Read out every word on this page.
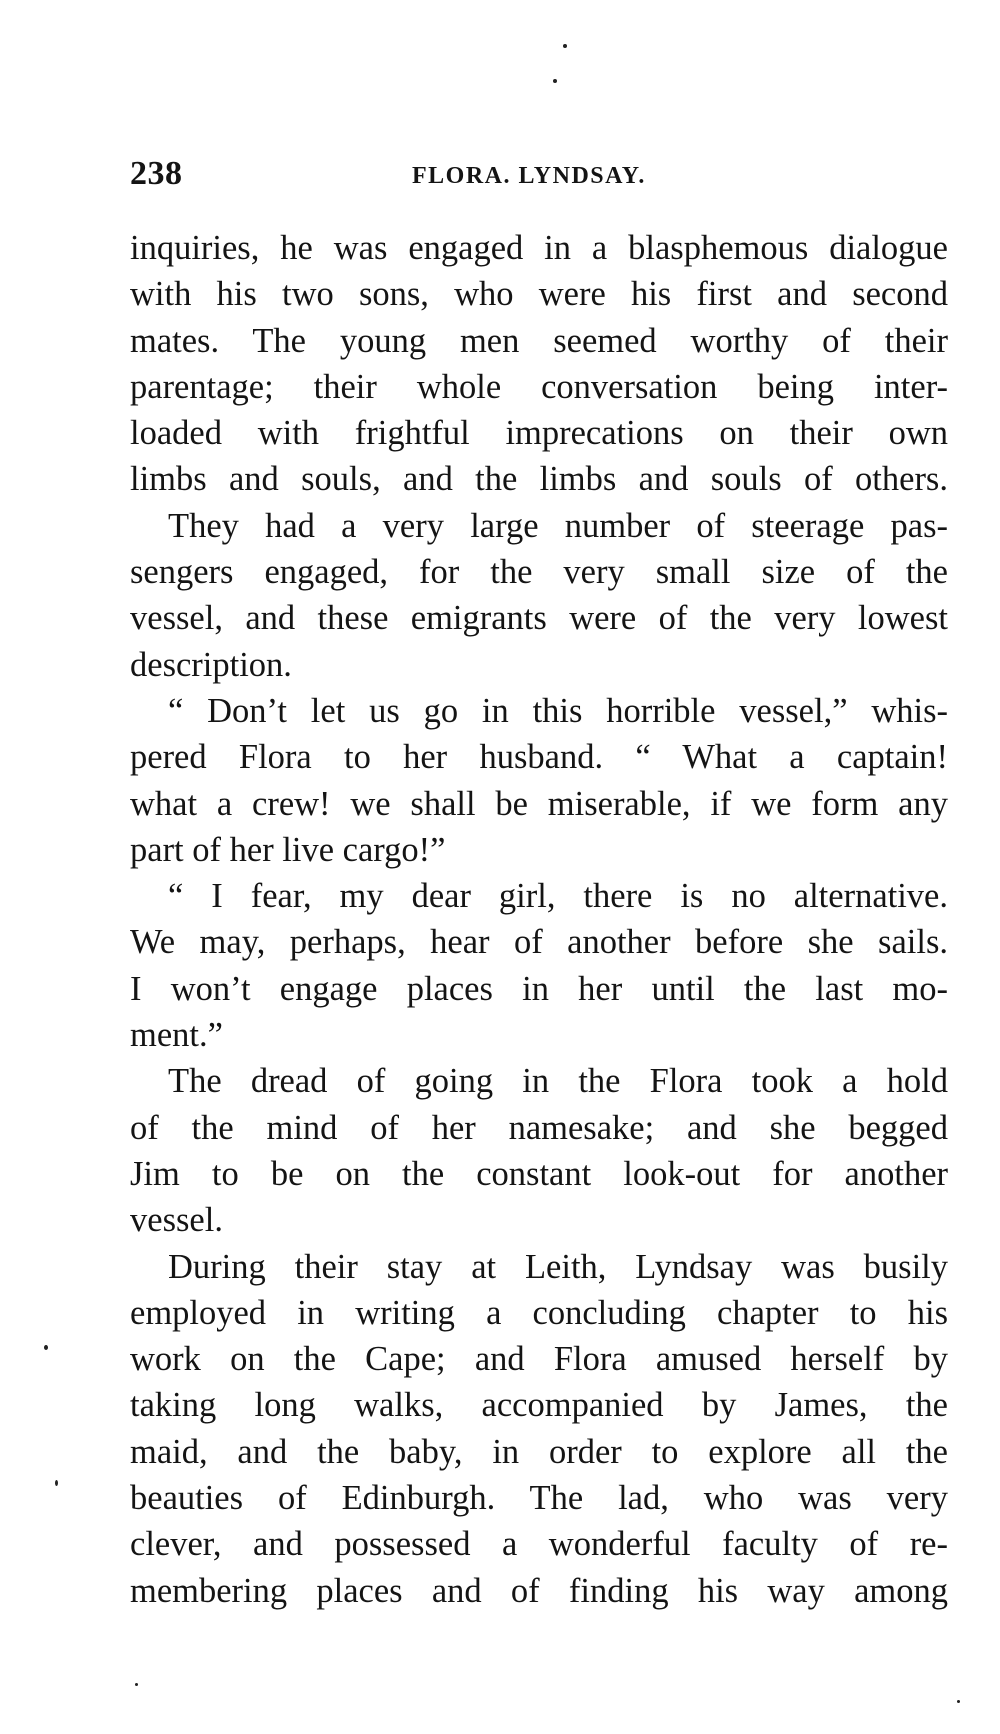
238	FLORA. LYNDSAY.
inquiries, he was engaged in a blasphemous dialogue
with his two sons, who were his first and second
mates. The young men seemed worthy of their
parentage; their whole conversation being inter-
loaded with frightful imprecations on their own
limbs and souls, and the limbs and souls of others.
They had a very large number of steerage pas-
sengers engaged, for the very small size of the
vessel, and these emigrants were of the very lowest
description.
“ Don’t let us go in this horrible vessel,” whis-
pered Flora to her husband. “ What a captain!
what a crew! we shall be miserable, if we form any
part of her live cargo!”
“ I fear, my dear girl, there is no alternative.
We may, perhaps, hear of another before she sails.
I won’t engage places in her until the last mo-
ment.”
The dread of going in the Flora took a hold
of the mind of her namesake; and she begged
Jim to be on the constant look-out for another
vessel.
During their stay at Leith, Lyndsay was busily
employed in writing a concluding chapter to his
work on the Cape; and Flora amused herself by
taking long walks, accompanied by James, the
maid, and the baby, in order to explore all the
beauties of Edinburgh. The lad, who was very
clever, and possessed a wonderful faculty of re-
membering places and of finding his way among
